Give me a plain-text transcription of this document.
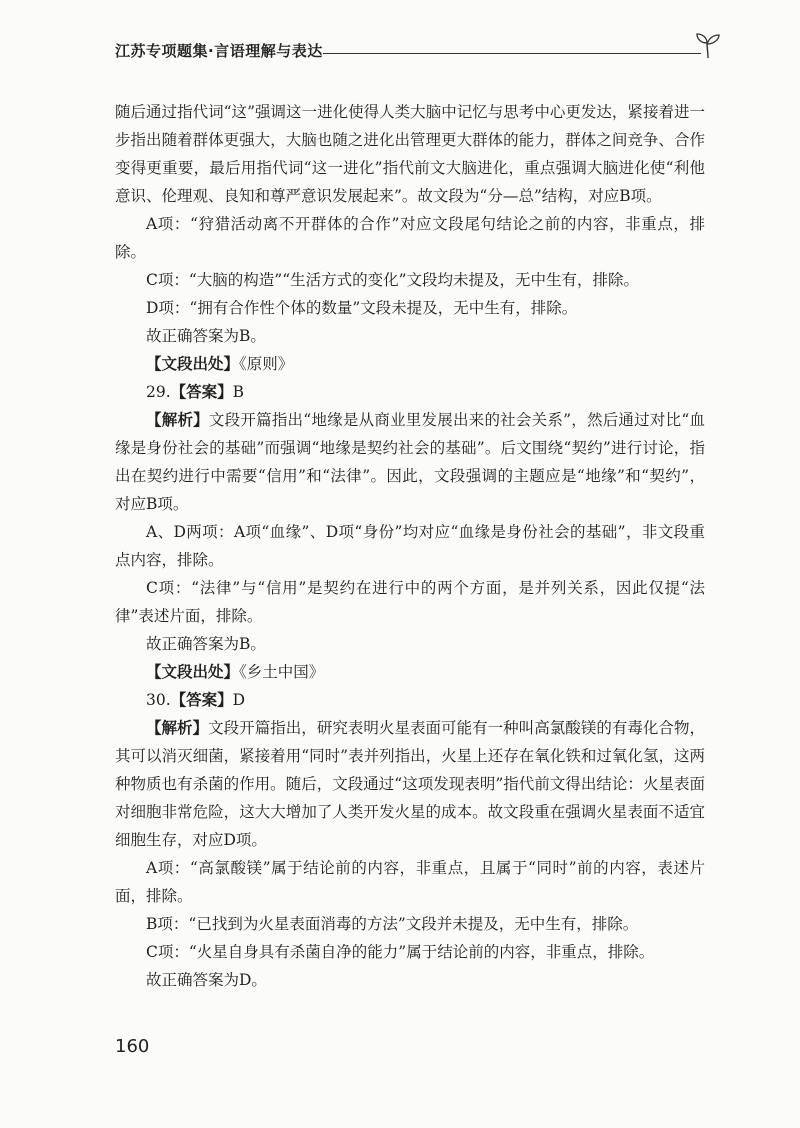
江苏专项题集·言语理解与表达

随后通过指代词“这”强调这一进化使得人类大脑中记忆与思考中心更发达，紧接着进一步指出随着群体更强大，大脑也随之进化出管理更大群体的能力，群体之间竞争、合作变得更重要，最后用指代词“这一进化”指代前文大脑进化，重点强调大脑进化使“利他意识、伦理观、良知和尊严意识发展起来”。故文段为“分—总”结构，对应B项。

A项：“狩猎活动离不开群体的合作”对应文段尾句结论之前的内容，非重点，排除。

C项：“大脑的构造”“生活方式的变化”文段均未提及，无中生有，排除。

D项：“拥有合作性个体的数量”文段未提及，无中生有，排除。

故正确答案为B。

【文段出处】《原则》

29.【答案】B

【解析】文段开篇指出“地缘是从商业里发展出来的社会关系”，然后通过对比“血缘是身份社会的基础”而强调“地缘是契约社会的基础”。后文围绕“契约”进行讨论，指出在契约进行中需要“信用”和“法律”。因此，文段强调的主题应是“地缘”和“契约”，对应B项。

A、D两项：A项“血缘”、D项“身份”均对应“血缘是身份社会的基础”，非文段重点内容，排除。

C项：“法律”与“信用”是契约在进行中的两个方面，是并列关系，因此仅提“法律”表述片面，排除。

故正确答案为B。

【文段出处】《乡土中国》

30.【答案】D

【解析】文段开篇指出，研究表明火星表面可能有一种叫高氯酸镁的有毒化合物，其可以消灭细菌，紧接着用“同时”表并列指出，火星上还存在氧化铁和过氧化氢，这两种物质也有杀菌的作用。随后，文段通过“这项发现表明”指代前文得出结论：火星表面对细胞非常危险，这大大增加了人类开发火星的成本。故文段重在强调火星表面不适宜细胞生存，对应D项。

A项：“高氯酸镁”属于结论前的内容，非重点，且属于“同时”前的内容，表述片面，排除。

B项：“已找到为火星表面消毒的方法”文段并未提及，无中生有，排除。

C项：“火星自身具有杀菌自净的能力”属于结论前的内容，非重点，排除。

故正确答案为D。

160
